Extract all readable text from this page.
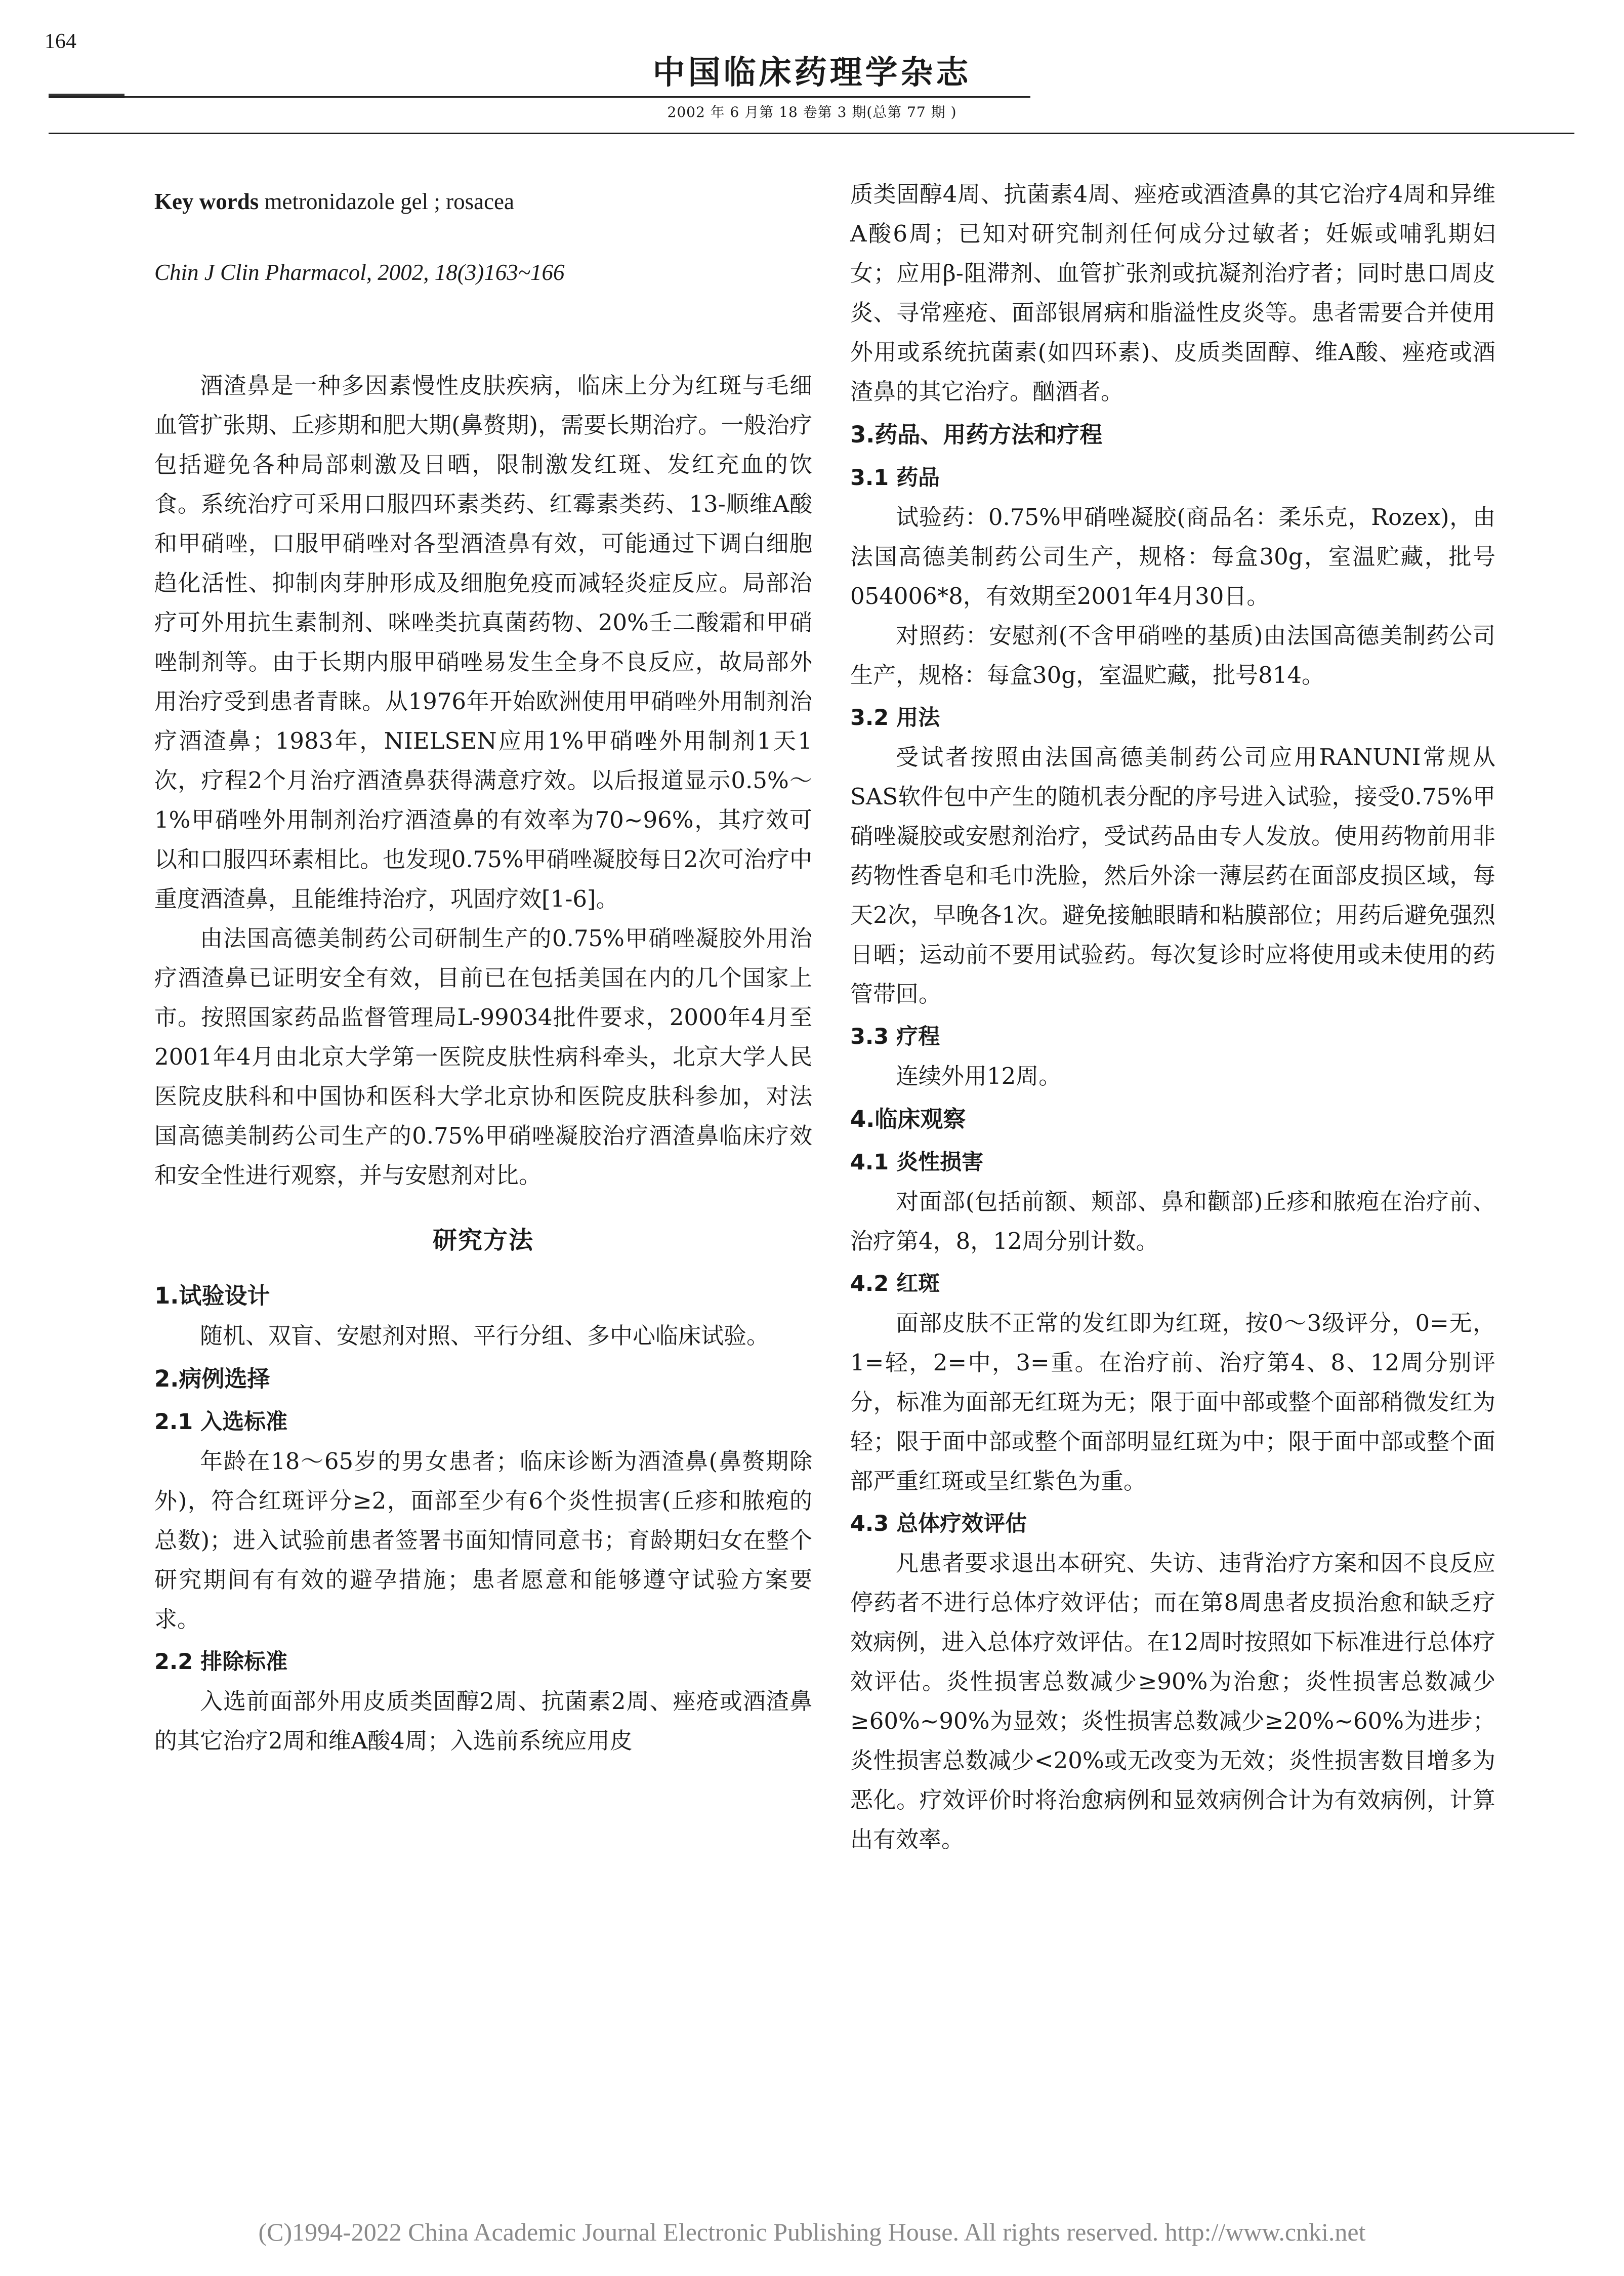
164
中国临床药理学杂志
2002 年 6 月第 18 卷第 3 期(总第 77 期 )

Key words metronidazole gel ; rosacea

Chin J Clin Pharmacol, 2002, 18(3)163~166

酒渣鼻是一种多因素慢性皮肤疾病，临床上分为红斑与毛细血管扩张期、丘疹期和肥大期(鼻赘期)，需要长期治疗。一般治疗包括避免各种局部刺激及日晒，限制激发红斑、发红充血的饮食。系统治疗可采用口服四环素类药、红霉素类药、13-顺维A酸和甲硝唑，口服甲硝唑对各型酒渣鼻有效，可能通过下调白细胞趋化活性、抑制肉芽肿形成及细胞免疫而减轻炎症反应。局部治疗可外用抗生素制剂、咪唑类抗真菌药物、20%壬二酸霜和甲硝唑制剂等。由于长期内服甲硝唑易发生全身不良反应，故局部外用治疗受到患者青睐。从1976年开始欧洲使用甲硝唑外用制剂治疗酒渣鼻；1983年，NIELSEN应用1%甲硝唑外用制剂1天1次，疗程2个月治疗酒渣鼻获得满意疗效。以后报道显示0.5%～1%甲硝唑外用制剂治疗酒渣鼻的有效率为70~96%，其疗效可以和口服四环素相比。也发现0.75%甲硝唑凝胶每日2次可治疗中重度酒渣鼻，且能维持治疗，巩固疗效[1-6]。

由法国高德美制药公司研制生产的0.75%甲硝唑凝胶外用治疗酒渣鼻已证明安全有效，目前已在包括美国在内的几个国家上市。按照国家药品监督管理局L-99034批件要求，2000年4月至2001年4月由北京大学第一医院皮肤性病科牵头，北京大学人民医院皮肤科和中国协和医科大学北京协和医院皮肤科参加，对法国高德美制药公司生产的0.75%甲硝唑凝胶治疗酒渣鼻临床疗效和安全性进行观察，并与安慰剂对比。

研究方法
1.试验设计

随机、双盲、安慰剂对照、平行分组、多中心临床试验。

2.病例选择
2.1 入选标准

年龄在18～65岁的男女患者；临床诊断为酒渣鼻(鼻赘期除外)，符合红斑评分≥2，面部至少有6个炎性损害(丘疹和脓疱的总数)；进入试验前患者签署书面知情同意书；育龄期妇女在整个研究期间有有效的避孕措施；患者愿意和能够遵守试验方案要求。

2.2 排除标准

入选前面部外用皮质类固醇2周、抗菌素2周、痤疮或酒渣鼻的其它治疗2周和维A酸4周；入选前系统应用皮

质类固醇4周、抗菌素4周、痤疮或酒渣鼻的其它治疗4周和异维A酸6周；已知对研究制剂任何成分过敏者；妊娠或哺乳期妇女；应用β-阻滞剂、血管扩张剂或抗凝剂治疗者；同时患口周皮炎、寻常痤疮、面部银屑病和脂溢性皮炎等。患者需要合并使用外用或系统抗菌素(如四环素)、皮质类固醇、维A酸、痤疮或酒渣鼻的其它治疗。酗酒者。

3.药品、用药方法和疗程
3.1 药品

试验药：0.75%甲硝唑凝胶(商品名：柔乐克，Rozex)，由法国高德美制药公司生产，规格：每盒30g，室温贮藏，批号054006*8，有效期至2001年4月30日。

对照药：安慰剂(不含甲硝唑的基质)由法国高德美制药公司生产，规格：每盒30g，室温贮藏，批号814。

3.2 用法

受试者按照由法国高德美制药公司应用RANUNI常规从SAS软件包中产生的随机表分配的序号进入试验，接受0.75%甲硝唑凝胶或安慰剂治疗，受试药品由专人发放。使用药物前用非药物性香皂和毛巾洗脸，然后外涂一薄层药在面部皮损区域，每天2次，早晚各1次。避免接触眼睛和粘膜部位；用药后避免强烈日晒；运动前不要用试验药。每次复诊时应将使用或未使用的药管带回。

3.3 疗程

连续外用12周。

4.临床观察
4.1 炎性损害

对面部(包括前额、颊部、鼻和颧部)丘疹和脓疱在治疗前、治疗第4，8，12周分别计数。

4.2 红斑

面部皮肤不正常的发红即为红斑，按0～3级评分，0=无，1=轻，2=中，3=重。在治疗前、治疗第4、8、12周分别评分，标准为面部无红斑为无；限于面中部或整个面部稍微发红为轻；限于面中部或整个面部明显红斑为中；限于面中部或整个面部严重红斑或呈红紫色为重。

4.3 总体疗效评估

凡患者要求退出本研究、失访、违背治疗方案和因不良反应停药者不进行总体疗效评估；而在第8周患者皮损治愈和缺乏疗效病例，进入总体疗效评估。在12周时按照如下标准进行总体疗效评估。炎性损害总数减少≥90%为治愈；炎性损害总数减少≥60%~90%为显效；炎性损害总数减少≥20%~60%为进步；炎性损害总数减少<20%或无改变为无效；炎性损害数目增多为恶化。疗效评价时将治愈病例和显效病例合计为有效病例，计算出有效率。

(C)1994-2022 China Academic Journal Electronic Publishing House. All rights reserved. http://www.cnki.net
